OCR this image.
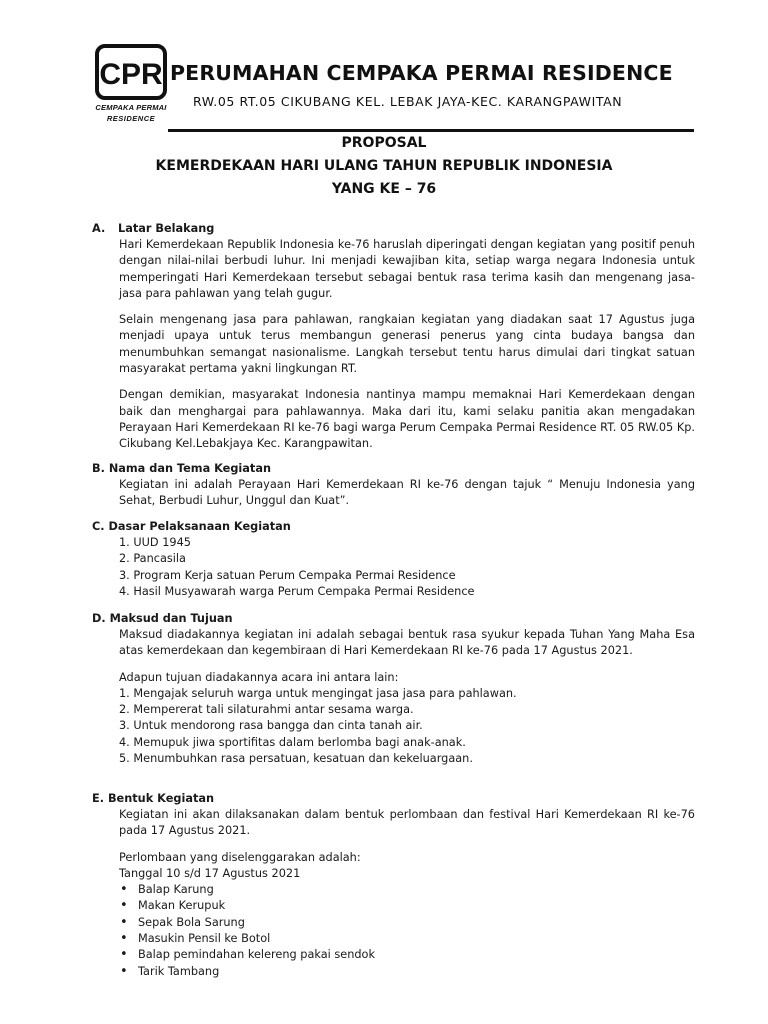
CPR
CEMPAKA PERMAI
RESIDENCE
PERUMAHAN CEMPAKA PERMAI RESIDENCE
RW.05 RT.05 CIKUBANG KEL. LEBAK JAYA-KEC. KARANGPAWITAN
PROPOSAL
KEMERDEKAAN HARI ULANG TAHUN REPUBLIK INDONESIA
YANG KE – 76
A. Latar Belakang

Hari Kemerdekaan Republik Indonesia ke-76 haruslah diperingati dengan kegiatan yang positif penuh dengan nilai-nilai berbudi luhur. Ini menjadi kewajiban kita, setiap warga negara Indonesia untuk memperingati Hari Kemerdekaan tersebut sebagai bentuk rasa terima kasih dan mengenang jasa-jasa para pahlawan yang telah gugur.

Selain mengenang jasa para pahlawan, rangkaian kegiatan yang diadakan saat 17 Agustus juga menjadi upaya untuk terus membangun generasi penerus yang cinta budaya bangsa dan menumbuhkan semangat nasionalisme. Langkah tersebut tentu harus dimulai dari tingkat satuan masyarakat pertama yakni lingkungan RT.

Dengan demikian, masyarakat Indonesia nantinya mampu memaknai Hari Kemerdekaan dengan baik dan menghargai para pahlawannya. Maka dari itu, kami selaku panitia akan mengadakan Perayaan Hari Kemerdekaan RI ke-76 bagi warga Perum Cempaka Permai Residence RT. 05 RW.05 Kp. Cikubang Kel.Lebakjaya Kec. Karangpawitan.

B. Nama dan Tema Kegiatan

Kegiatan ini adalah Perayaan Hari Kemerdekaan RI ke-76 dengan tajuk “ Menuju Indonesia yang Sehat, Berbudi Luhur, Unggul dan Kuat”.

C. Dasar Pelaksanaan Kegiatan
1. UUD 1945
2. Pancasila
3. Program Kerja satuan Perum Cempaka Permai Residence
4. Hasil Musyawarah warga Perum Cempaka Permai Residence
D. Maksud dan Tujuan

Maksud diadakannya kegiatan ini adalah sebagai bentuk rasa syukur kepada Tuhan Yang Maha Esa atas kemerdekaan dan kegembiraan di Hari Kemerdekaan RI ke-76 pada 17 Agustus 2021.

Adapun tujuan diadakannya acara ini antara lain:
1. Mengajak seluruh warga untuk mengingat jasa jasa para pahlawan.
2. Mempererat tali silaturahmi antar sesama warga.
3. Untuk mendorong rasa bangga dan cinta tanah air.
4. Memupuk jiwa sportifitas dalam berlomba bagi anak-anak.
5. Menumbuhkan rasa persatuan, kesatuan dan kekeluargaan.
E. Bentuk Kegiatan

Kegiatan ini akan dilaksanakan dalam bentuk perlombaan dan festival Hari Kemerdekaan RI ke-76 pada 17 Agustus 2021.

Perlombaan yang diselenggarakan adalah:
Tanggal 10 s/d 17 Agustus 2021
• Balap Karung
• Makan Kerupuk
• Sepak Bola Sarung
• Masukin Pensil ke Botol
• Balap pemindahan kelereng pakai sendok
• Tarik Tambang
